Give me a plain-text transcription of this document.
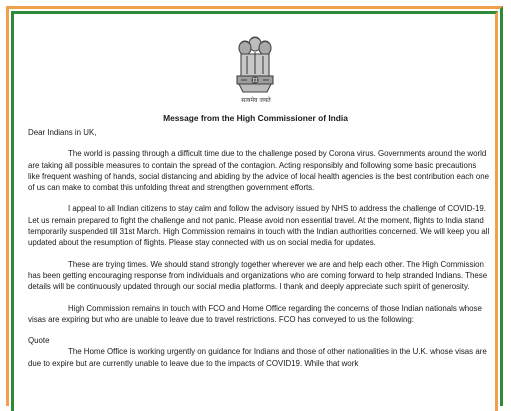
सत्यमेव जयते
Message from the High Commissioner of India

Dear Indians in UK,

The world is passing through a difficult time due to the challenge posed by Corona virus. Governments around the world are taking all possible measures to contain the spread of the contagion. Acting responsibly and following some basic precautions like frequent washing of hands, social distancing and abiding by the advice of local health agencies is the best contribution each one of us can make to combat this unfolding threat and strengthen government efforts.

I appeal to all Indian citizens to stay calm and follow the advisory issued by NHS to address the challenge of COVID-19. Let us remain prepared to fight the challenge and not panic. Please avoid non essential travel. At the moment, flights to India stand temporarily suspended till 31st March. High Commission remains in touch with the Indian authorities concerned. We will keep you all updated about the resumption of flights. Please stay connected with us on social media for updates.

These are trying times. We should stand strongly together wherever we are and help each other. The High Commission has been getting encouraging response from individuals and organizations who are coming forward to help stranded Indians. These details will be continuously updated through our social media platforms. I thank and deeply appreciate such spirit of generosity.

High Commission remains in touch with FCO and Home Office regarding the concerns of those Indian nationals whose visas are expiring but who are unable to leave due to travel restrictions. FCO has conveyed to us the following:

Quote

The Home Office is working urgently on guidance for Indians and those of other nationalities in the U.K. whose visas are due to expire but are currently unable to leave due to the impacts of COVID19. While that work
